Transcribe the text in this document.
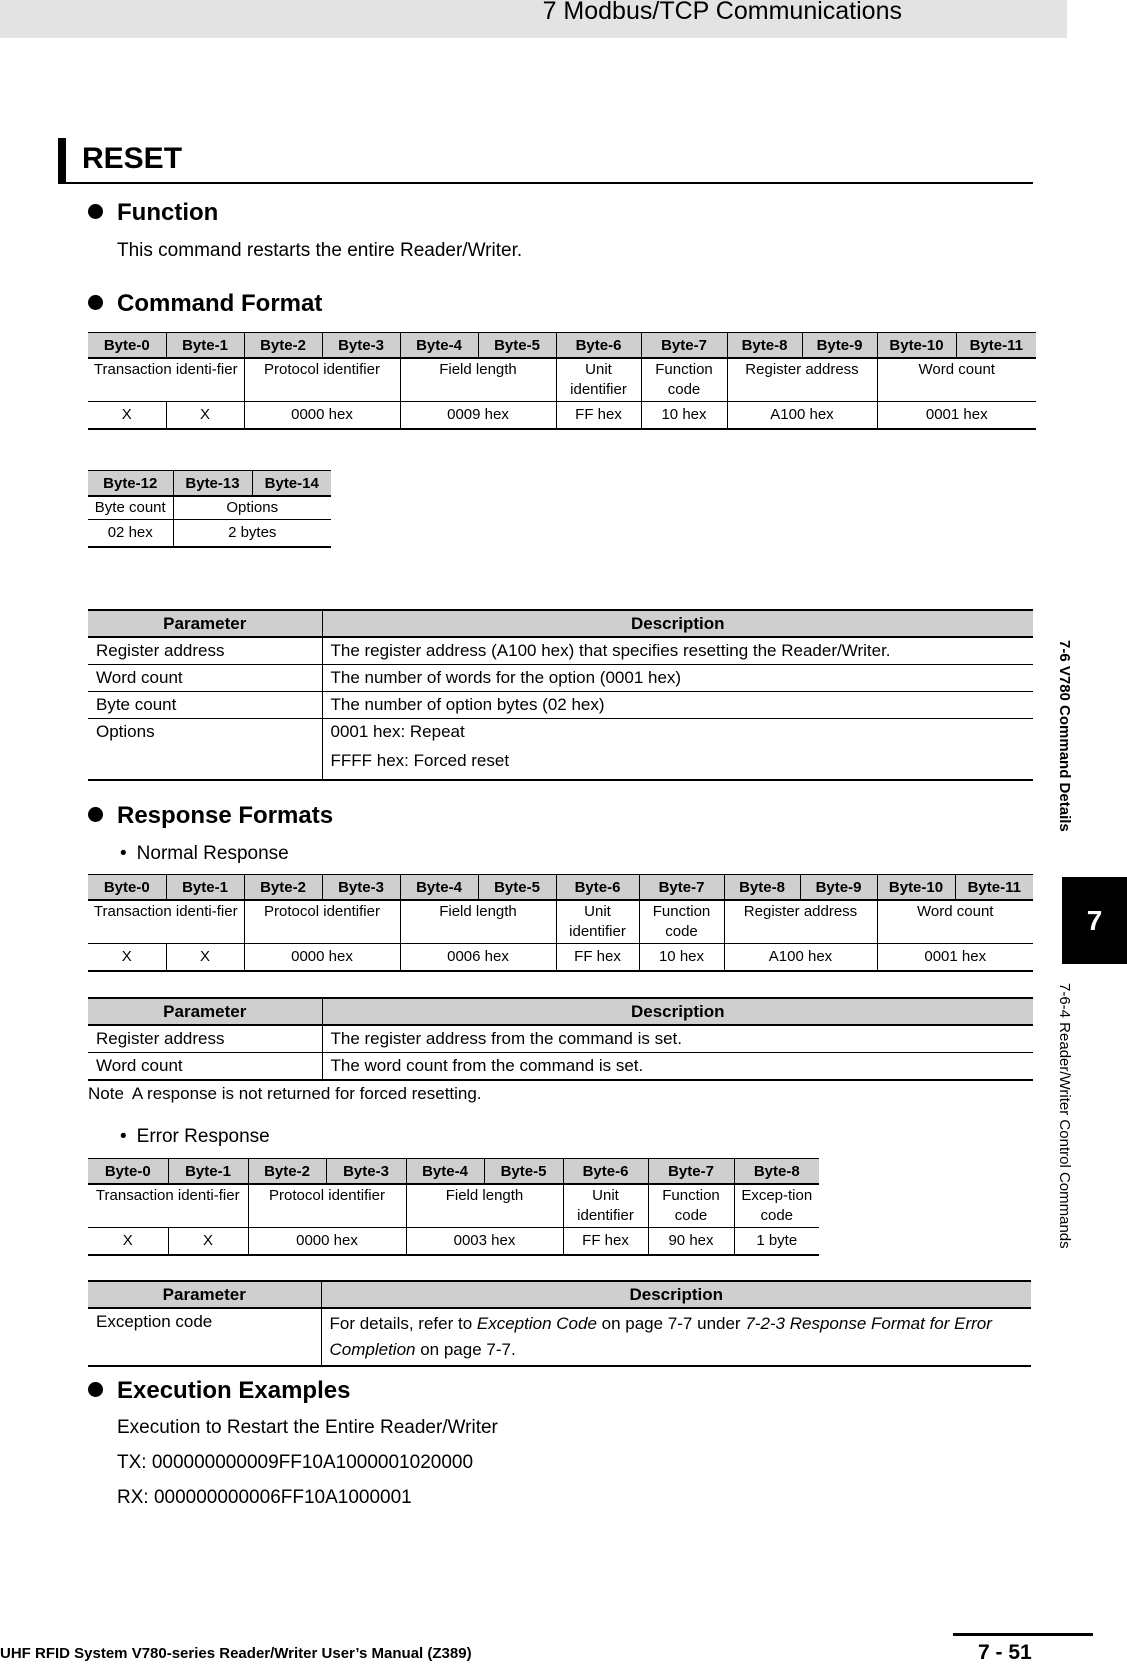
7 Modbus/TCP Communications
RESET
Function
This command restarts the entire Reader/Writer.
Command Format
Byte-0	Byte-1	Byte-2	Byte-3	Byte-4	Byte-5	Byte-6	Byte-7	Byte-8	Byte-9	Byte-10	Byte-11
Transaction identi-fier		Protocol identifier		Field length		Unit identifier	Function code	Register address		Word count	
X	X	0000 hex		0009 hex		FF hex	10 hex	A100 hex		0001 hex	
Byte-12	Byte-13	Byte-14
Byte count	Options	
02 hex	2 bytes	
Parameter	Description
Register address	The register address (A100 hex) that specifies resetting the Reader/Writer.
Word count	The number of words for the option (0001 hex)
Byte count	The number of option bytes (02 hex)
Options	0001 hex: Repeat
FFFF hex: Forced reset
Response Formats
• Normal Response
Byte-0	Byte-1	Byte-2	Byte-3	Byte-4	Byte-5	Byte-6	Byte-7	Byte-8	Byte-9	Byte-10	Byte-11
Transaction identi-fier		Protocol identifier		Field length		Unit identifier	Function code	Register address		Word count	
X	X	0000 hex		0006 hex		FF hex	10 hex	A100 hex		0001 hex	
Parameter	Description
Register address	The register address from the command is set.
Word count	The word count from the command is set.
Note A response is not returned for forced resetting.
• Error Response
Byte-0	Byte-1	Byte-2	Byte-3	Byte-4	Byte-5	Byte-6	Byte-7	Byte-8
Transaction identi-fier		Protocol identifier		Field length		Unit identifier	Function code	Excep-tion code
X	X	0000 hex		0003 hex		FF hex	90 hex	1 byte
Parameter	Description
Exception code	For details, refer to Exception Code on page 7-7 under 7-2-3 Response Format for Error Completion on page 7-7.
Execution Examples
Execution to Restart the Entire Reader/Writer
TX: 000000000009FF10A1000001020000
RX: 000000000006FF10A1000001
7-6 V780 Command Details
7
7-6-4 Reader/Writer Control Commands
UHF RFID System V780-series Reader/Writer User’s Manual (Z389)	7 - 51
